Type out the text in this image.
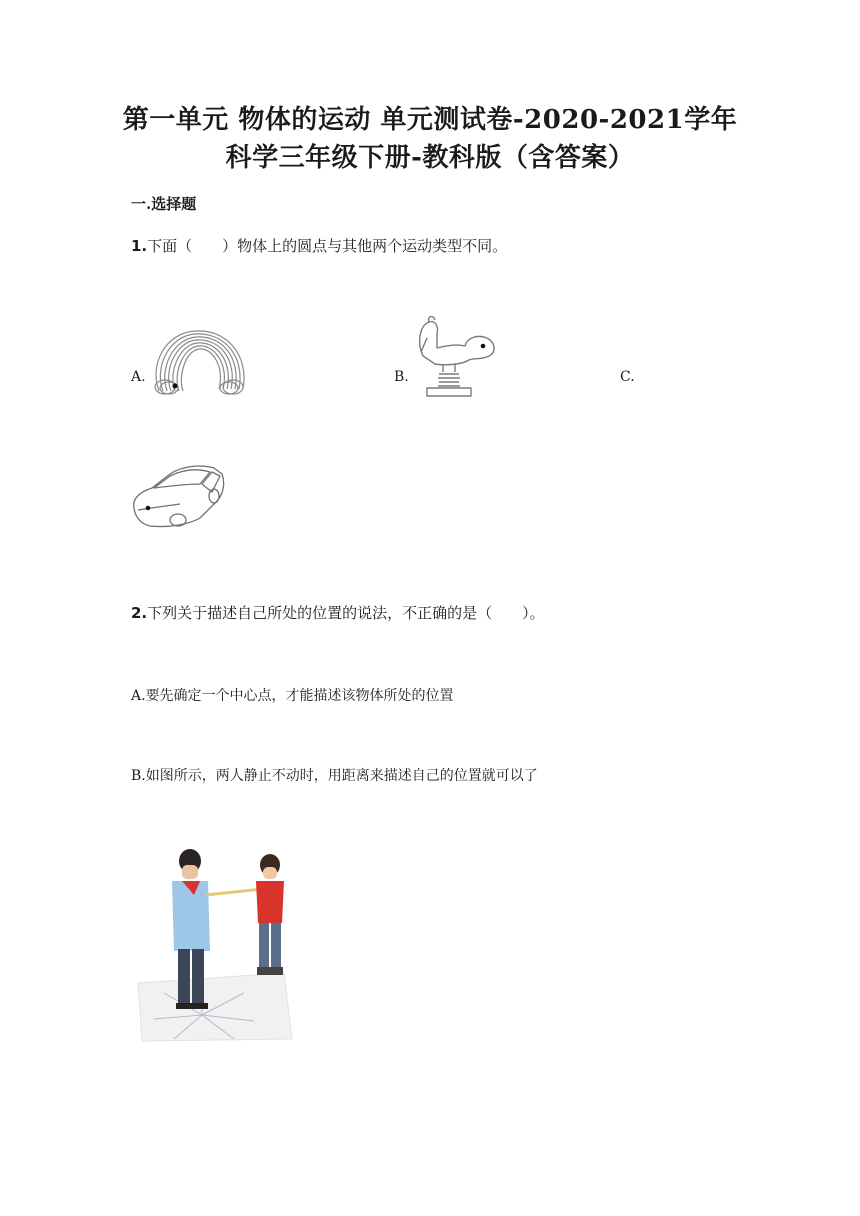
第一单元 物体的运动 单元测试卷-2020-2021学年
科学三年级下册-教科版（含答案）
一.选择题
1.下面（　　）物体上的圆点与其他两个运动类型不同。
A.	B.	C.
2.下列关于描述自己所处的位置的说法，不正确的是（　　）。
A.要先确定一个中心点，才能描述该物体所处的位置
B.如图所示，两人静止不动时，用距离来描述自己的位置就可以了
